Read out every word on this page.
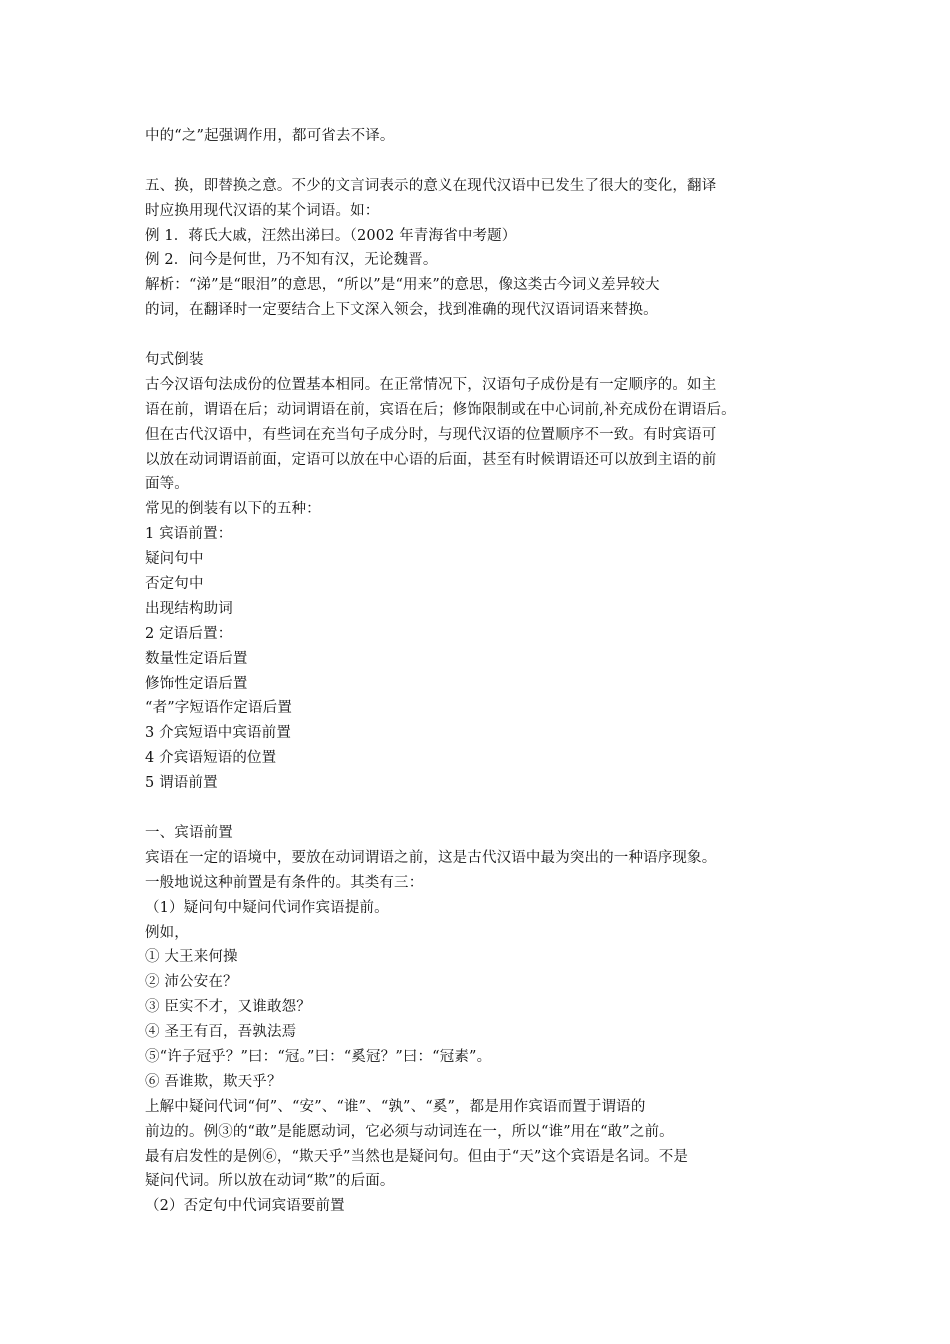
中的“之”起强调作用，都可省去不译。
五、换，即替换之意。不少的文言词表示的意义在现代汉语中已发生了很大的变化，翻译
时应换用现代汉语的某个词语。如：
例 1．蒋氏大戚，汪然出涕曰。（2002 年青海省中考题）
例 2．问今是何世，乃不知有汉，无论魏晋。
解析：“涕”是“眼泪”的意思，“所以”是“用来”的意思，像这类古今词义差异较大
的词，在翻译时一定要结合上下文深入领会，找到准确的现代汉语词语来替换。
句式倒装
古今汉语句法成份的位置基本相同。在正常情况下，汉语句子成份是有一定顺序的。如主
语在前，谓语在后；动词谓语在前，宾语在后；修饰限制或在中心词前,补充成份在谓语后。
但在古代汉语中，有些词在充当句子成分时，与现代汉语的位置顺序不一致。有时宾语可
以放在动词谓语前面，定语可以放在中心语的后面，甚至有时候谓语还可以放到主语的前
面等。
常见的倒装有以下的五种：
1 宾语前置：
疑问句中
否定句中
出现结构助词
2 定语后置：
数量性定语后置
修饰性定语后置
“者”字短语作定语后置
3 介宾短语中宾语前置
4 介宾语短语的位置
5 谓语前置
一、宾语前置
宾语在一定的语境中，要放在动词谓语之前，这是古代汉语中最为突出的一种语序现象。
一般地说这种前置是有条件的。其类有三：
（1）疑问句中疑问代词作宾语提前。
例如，
① 大王来何操
② 沛公安在？
③ 臣实不才，又谁敢怨？
④ 圣王有百，吾孰法焉
⑤“许子冠乎？”曰：“冠。”曰：“奚冠？”曰：“冠素”。
⑥ 吾谁欺，欺天乎？
上解中疑问代词“何”、“安”、“谁”、“孰”、“奚”，都是用作宾语而置于谓语的
前边的。例③的“敢”是能愿动词，它必须与动词连在一，所以“谁”用在“敢”之前。
最有启发性的是例⑥，“欺天乎”当然也是疑问句。但由于“天”这个宾语是名词。不是
疑问代词。所以放在动词“欺”的后面。
（2）否定句中代词宾语要前置
